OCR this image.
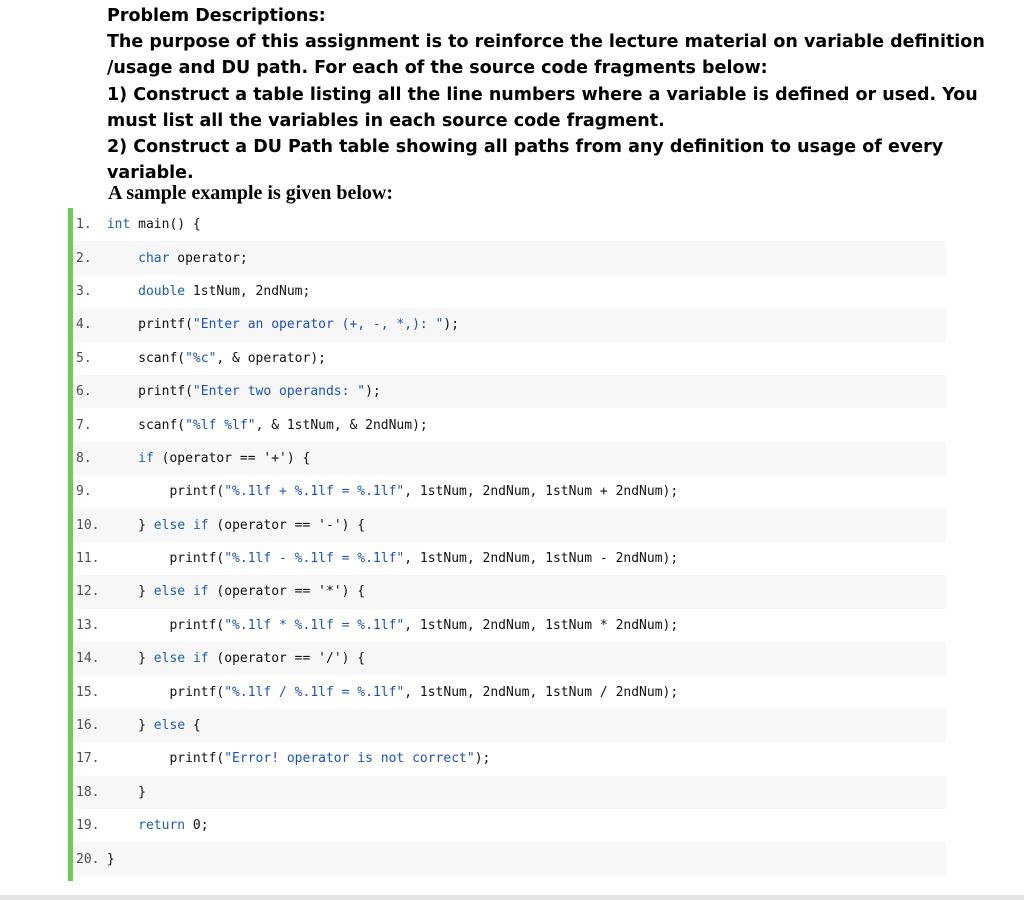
Problem Descriptions:

The purpose of this assignment is to reinforce the lecture material on variable definition /usage and DU path. For each of the source code fragments below:

1) Construct a table listing all the line numbers where a variable is defined or used. You must list all the variables in each source code fragment.

2) Construct a DU Path table showing all paths from any definition to usage of every variable.

A sample example is given below:
1.	int main() {
2.	char operator;
3.	double 1stNum, 2ndNum;
4. printf("Enter an operator (+, -, *,): ");
5. scanf("%c", & operator);
6. printf("Enter two operands: ");
7. scanf("%lf %lf", & 1stNum, & 2ndNum);
8.	if (operator == '+') {
9. printf("%.1lf + %.1lf = %.1lf", 1stNum, 2ndNum, 1stNum + 2ndNum);
10. } else if (operator == '-') {
11. printf("%.1lf - %.1lf = %.1lf", 1stNum, 2ndNum, 1stNum - 2ndNum);
12. } else if (operator == '*') {
13. printf("%.1lf * %.1lf = %.1lf", 1stNum, 2ndNum, 1stNum * 2ndNum);
14. } else if (operator == '/') {
15. printf("%.1lf / %.1lf = %.1lf", 1stNum, 2ndNum, 1stNum / 2ndNum);
16. } else {
17. printf("Error! operator is not correct");
18. }
19.	return 0;
20. }
